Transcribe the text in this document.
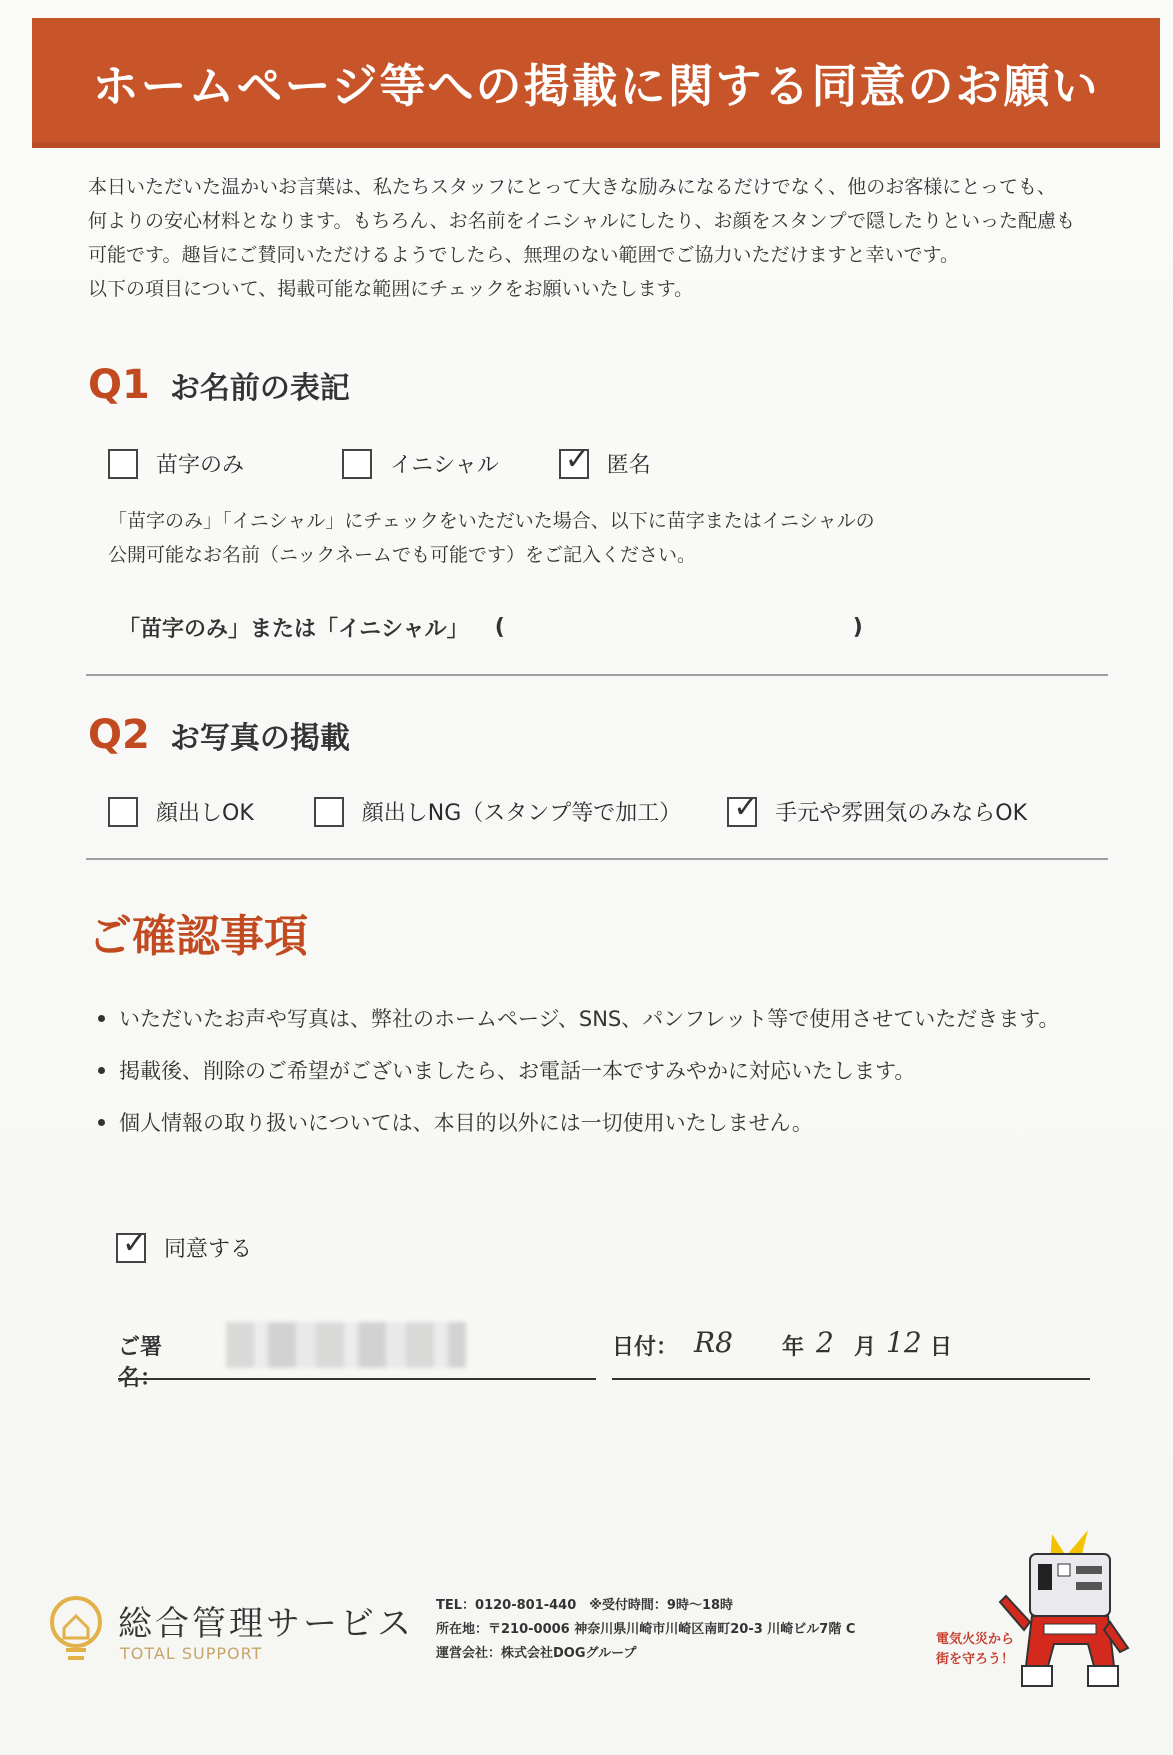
ホームページ等への掲載に関する同意のお願い

本日いただいた温かいお言葉は、私たちスタッフにとって大きな励みになるだけでなく、他のお客様にとっても、

何よりの安心材料となります。もちろん、お名前をイニシャルにしたり、お顔をスタンプで隠したりといった配慮も

可能です。趣旨にご賛同いただけるようでしたら、無理のない範囲でご協力いただけますと幸いです。

以下の項目について、掲載可能な範囲にチェックをお願いいたします。

Q1 お名前の表記
苗字のみ	イニシャル ✓ 匿名

「苗字のみ」「イニシャル」にチェックをいただいた場合、以下に苗字またはイニシャルの

公開可能なお名前（ニックネームでも可能です）をご記入ください。

「苗字のみ」または「イニシャル」 (	)
Q2 お写真の掲載
顔出しOK	顔出しNG（スタンプ等で加工） ✓ 手元や雰囲気のみならOK
ご確認事項
いただいたお声や写真は、弊社のホームページ、SNS、パンフレット等で使用させていただきます。
掲載後、削除のご希望がございましたら、お電話一本ですみやかに対応いたします。
個人情報の取り扱いについては、本目的以外には一切使用いたしません。
✓ 同意する
ご署名：
日付： R8 年 2 月 12 日
総合管理サービス
TOTAL SUPPORT

TEL：0120-801-440　※受付時間：9時～18時

所在地：〒210-0006 神奈川県川崎市川崎区南町20-3 川崎ビル7階 C

運営会社：株式会社DOGグループ

電気火災から
街を守ろう！
